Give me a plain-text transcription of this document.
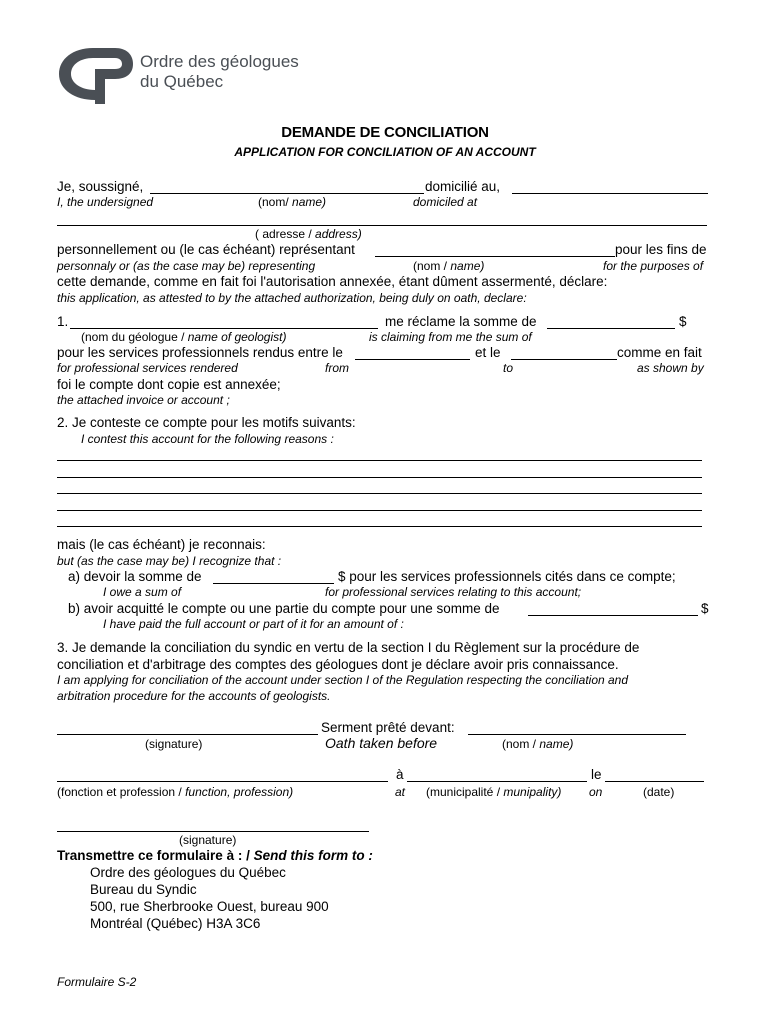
Ordre des géologues
du Québec
DEMANDE DE CONCILIATION
APPLICATION FOR CONCILIATION OF AN ACCOUNT
Je, soussigné,	domicilié au,
I, the undersigned	(nom/ name)	domiciled at
( adresse / address)
personnellement ou (le cas échéant) représentant	pour les fins de
personnaly or (as the case may be) representing	(nom / name)	for the purposes of
cette demande, comme en fait foi l'autorisation annexée, étant dûment assermenté, déclare:
this application, as attested to by the attached authorization, being duly on oath, declare:
1.	me réclame la somme de	$
(nom du géologue / name of geologist)	is claiming from me the sum of
pour les services professionnels rendus entre le	et le	comme en fait
for professional services rendered	from	to	as shown by
foi le compte dont copie est annexée;
the attached invoice or account ;
2. Je conteste ce compte pour les motifs suivants:
I contest this account for the following reasons :
mais (le cas échéant) je reconnais:
but (as the case may be) I recognize that :
a) devoir la somme de	$ pour les services professionnels cités dans ce compte;
I owe a sum of	for professional services relating to this account;
b) avoir acquitté le compte ou une partie du compte pour une somme de	$
I have paid the full account or part of it for an amount of :
3. Je demande la conciliation du syndic en vertu de la section I du Règlement sur la procédure de
conciliation et d'arbitrage des comptes des géologues dont je déclare avoir pris connaissance.
I am applying for conciliation of the account under section I of the Regulation respecting the conciliation and
arbitration procedure for the accounts of geologists.
Serment prêté devant:
(signature)	Oath taken before	(nom / name)
à	le
(fonction et profession / function, profession)	at (municipalité / munipality) on	(date)
(signature)
Transmettre ce formulaire à : / Send this form to :
Ordre des géologues du Québec
Bureau du Syndic
500, rue Sherbrooke Ouest, bureau 900
Montréal (Québec) H3A 3C6
Formulaire S-2
